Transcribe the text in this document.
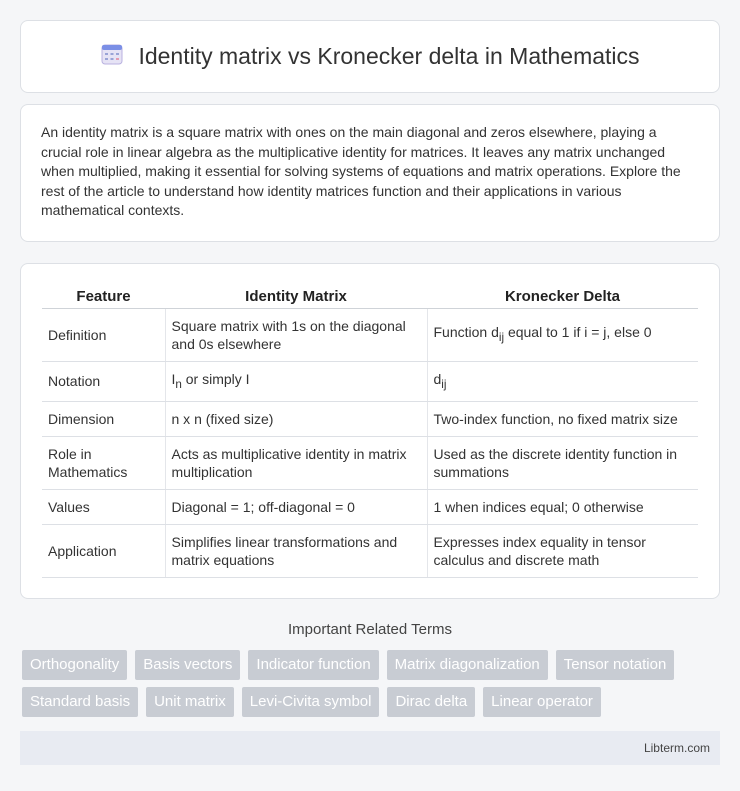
Identity matrix vs Kronecker delta in Mathematics

An identity matrix is a square matrix with ones on the main diagonal and zeros elsewhere, playing a crucial role in linear algebra as the multiplicative identity for matrices. It leaves any matrix unchanged when multiplied, making it essential for solving systems of equations and matrix operations. Explore the rest of the article to understand how identity matrices function and their applications in various mathematical contexts.

Feature	Identity Matrix	Kronecker Delta
Definition	Square matrix with 1s on the diagonal and 0s elsewhere	Function $d_{ij}$ equal to 1 if i = j, else 0
Notation	$I_n$ or simply I	$d_{ij}$
Dimension	n x n (fixed size)	Two-index function, no fixed matrix size
Role in Mathematics	Acts as multiplicative identity in matrix multiplication	Used as the discrete identity function in summations
Values	Diagonal = 1; off-diagonal = 0	1 when indices equal; 0 otherwise
Application	Simplifies linear transformations and matrix equations	Expresses index equality in tensor calculus and discrete math
Important Related Terms
Orthogonality	Basis vectors	Indicator function	Matrix diagonalization	Tensor notation
Standard basis	Unit matrix	Levi-Civita symbol	Dirac delta	Linear operator
Libterm.com
